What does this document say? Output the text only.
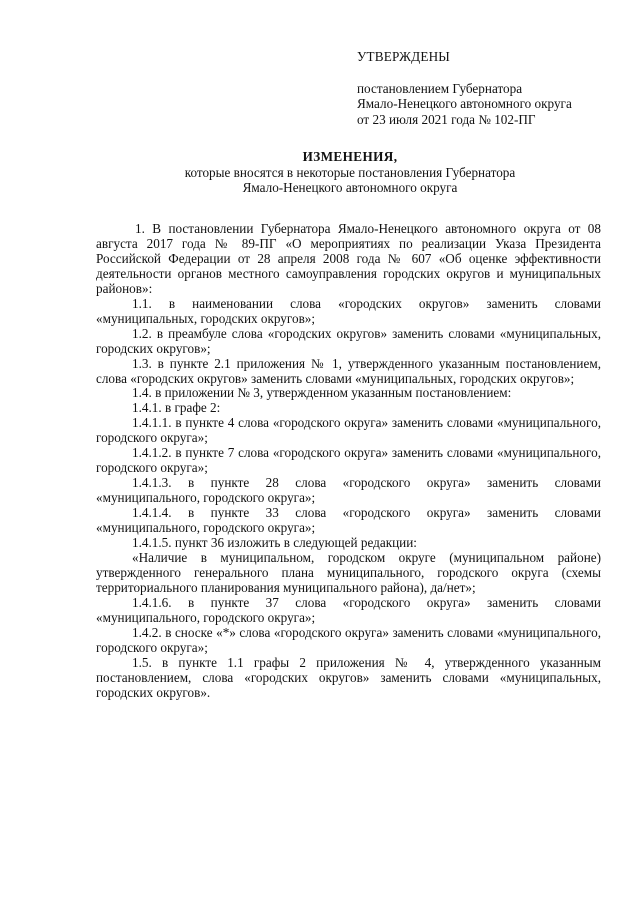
УТВЕРЖДЕНЫ
постановлением Губернатора
Ямало-Ненецкого автономного округа
от 23 июля 2021 года № 102-ПГ
ИЗМЕНЕНИЯ,
которые вносятся в некоторые постановления Губернатора
Ямало-Ненецкого автономного округа

1. В постановлении Губернатора Ямало-Ненецкого автономного округа от 08 августа 2017 года № 89-ПГ «О мероприятиях по реализации Указа Президента Российской Федерации от 28 апреля 2008 года № 607 «Об оценке эффективности деятельности органов местного самоуправления городских округов и муниципальных районов»:

1.1. в наименовании слова «городских округов» заменить словами «муниципальных, городских округов»;

1.2. в преамбуле слова «городских округов» заменить словами «муниципальных, городских округов»;

1.3. в пункте 2.1 приложения № 1, утвержденного указанным постановлением, слова «городских округов» заменить словами «муниципальных, городских округов»;

1.4. в приложении № 3, утвержденном указанным постановлением:

1.4.1. в графе 2:

1.4.1.1. в пункте 4 слова «городского округа» заменить словами «муниципального, городского округа»;

1.4.1.2. в пункте 7 слова «городского округа» заменить словами «муниципального, городского округа»;

1.4.1.3. в пункте 28 слова «городского округа» заменить словами «муниципального, городского округа»;

1.4.1.4. в пункте 33 слова «городского округа» заменить словами «муниципального, городского округа»;

1.4.1.5. пункт 36 изложить в следующей редакции:

«Наличие в муниципальном, городском округе (муниципальном районе) утвержденного генерального плана муниципального, городского округа (схемы территориального планирования муниципального района), да/нет»;

1.4.1.6. в пункте 37 слова «городского округа» заменить словами «муниципального, городского округа»;

1.4.2. в сноске «*» слова «городского округа» заменить словами «муниципального, городского округа»;

1.5. в пункте 1.1 графы 2 приложения № 4, утвержденного указанным постановлением, слова «городских округов» заменить словами «муниципальных, городских округов».
